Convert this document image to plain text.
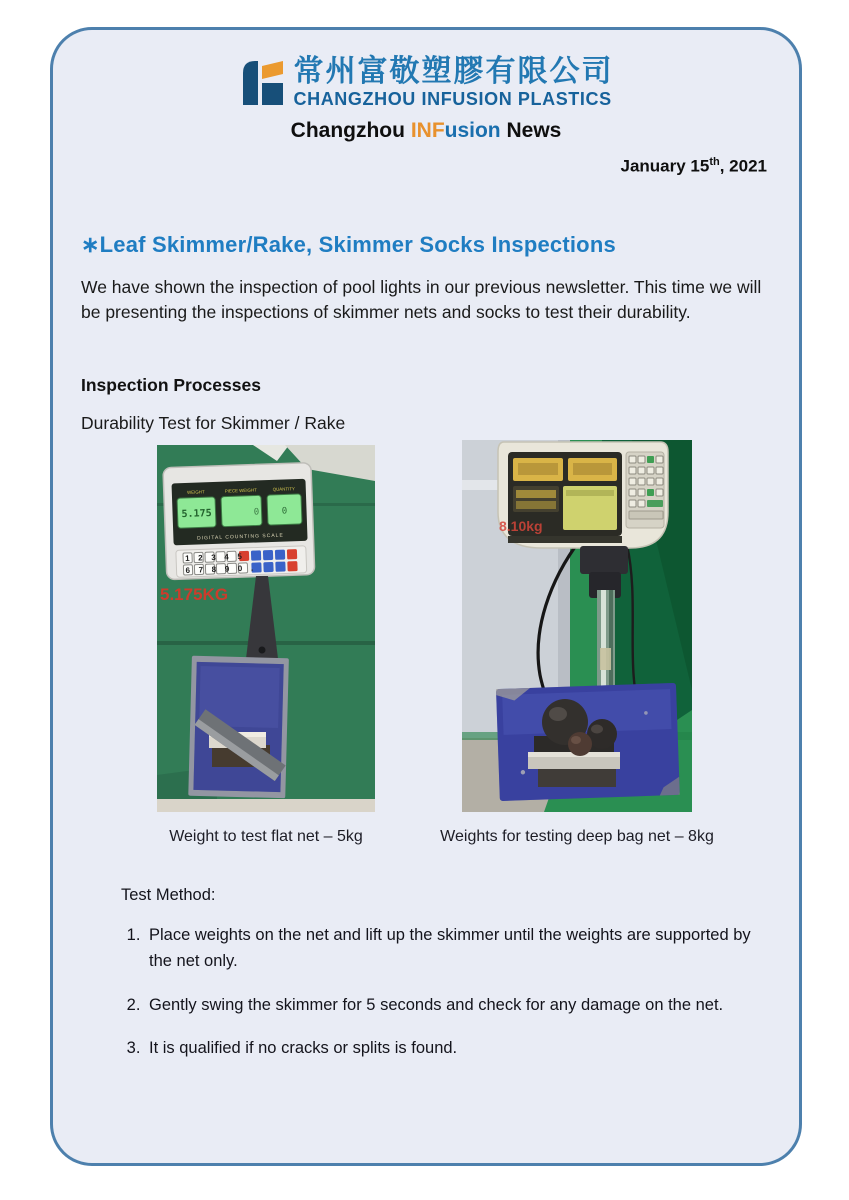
常州富敬塑膠有限公司
CHANGZHOU INFUSION PLASTICS
Changzhou INFusion News
January 15th, 2021
∗Leaf Skimmer/Rake, Skimmer Socks Inspections

We have shown the inspection of pool lights in our previous newsletter. This time we will be presenting the inspections of skimmer nets and socks to test their durability.

Inspection Processes
Durability Test for Skimmer / Rake
WEIGHT	PIECE WEIGHT	QUANTITY
5.175	0 0
DIGITAL COUNTING SCALE
1 2 3 4 5
6 7 8 9 0 .
5.175KG
Weight to test flat net – 5kg
8.10kg
Weights for testing deep bag net – 8kg
Test Method:
1. Place weights on the net and lift up the skimmer until the weights are supported by the net only.
2. Gently swing the skimmer for 5 seconds and check for any damage on the net.
3. It is qualified if no cracks or splits is found.
